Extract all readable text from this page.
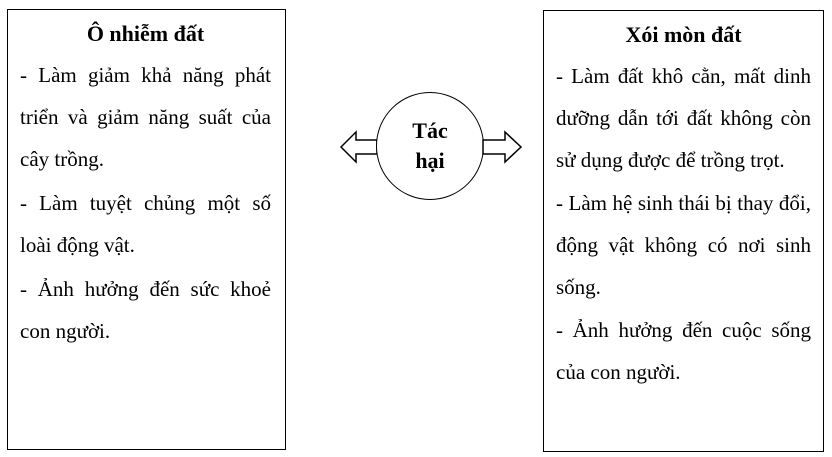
Ô nhiễm đất

- Làm giảm khả năng phát triển và giảm năng suất của cây trồng.

- Làm tuyệt chủng một số loài động vật.

- Ảnh hưởng đến sức khoẻ con người.

Tác hại
Xói mòn đất

- Làm đất khô cằn, mất dinh dưỡng dẫn tới đất không còn sử dụng được để trồng trọt.

- Làm hệ sinh thái bị thay đổi, động vật không có nơi sinh sống.

- Ảnh hưởng đến cuộc sống của con người.
